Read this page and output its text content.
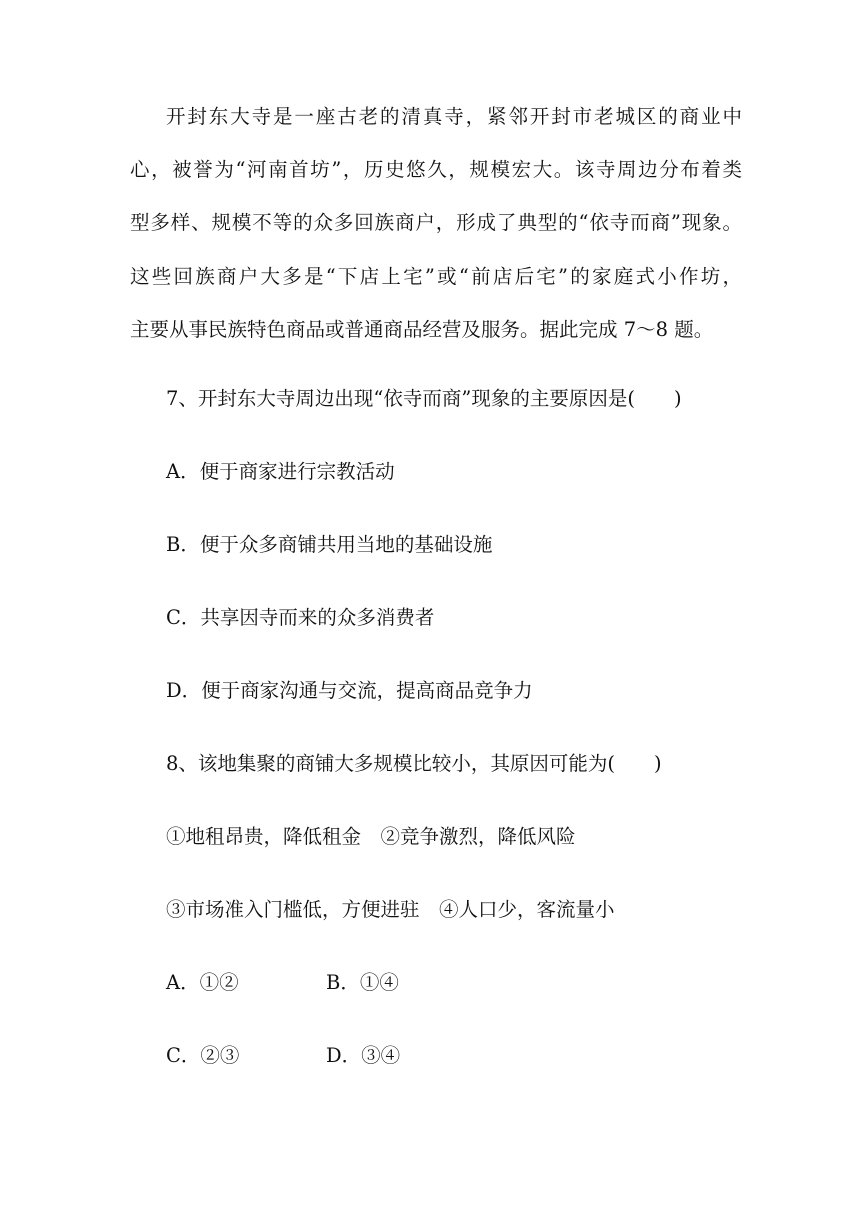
开封东大寺是一座古老的清真寺，紧邻开封市老城区的商业中
心，被誉为“河南首坊”，历史悠久，规模宏大。该寺周边分布着类
型多样、规模不等的众多回族商户，形成了典型的“依寺而商”现象。
这些回族商户大多是“下店上宅”或“前店后宅”的家庭式小作坊，
主要从事民族特色商品或普通商品经营及服务。据此完成 7～8 题。
7、开封东大寺周边出现“依寺而商”现象的主要原因是(　　)
A．便于商家进行宗教活动
B．便于众多商铺共用当地的基础设施
C．共享因寺而来的众多消费者
D．便于商家沟通与交流，提高商品竞争力
8、该地集聚的商铺大多规模比较小，其原因可能为(　　)
①地租昂贵，降低租金　②竞争激烈，降低风险
③市场准入门槛低，方便进驻　④人口少，客流量小
A．①②	B．①④
C．②③	D．③④
